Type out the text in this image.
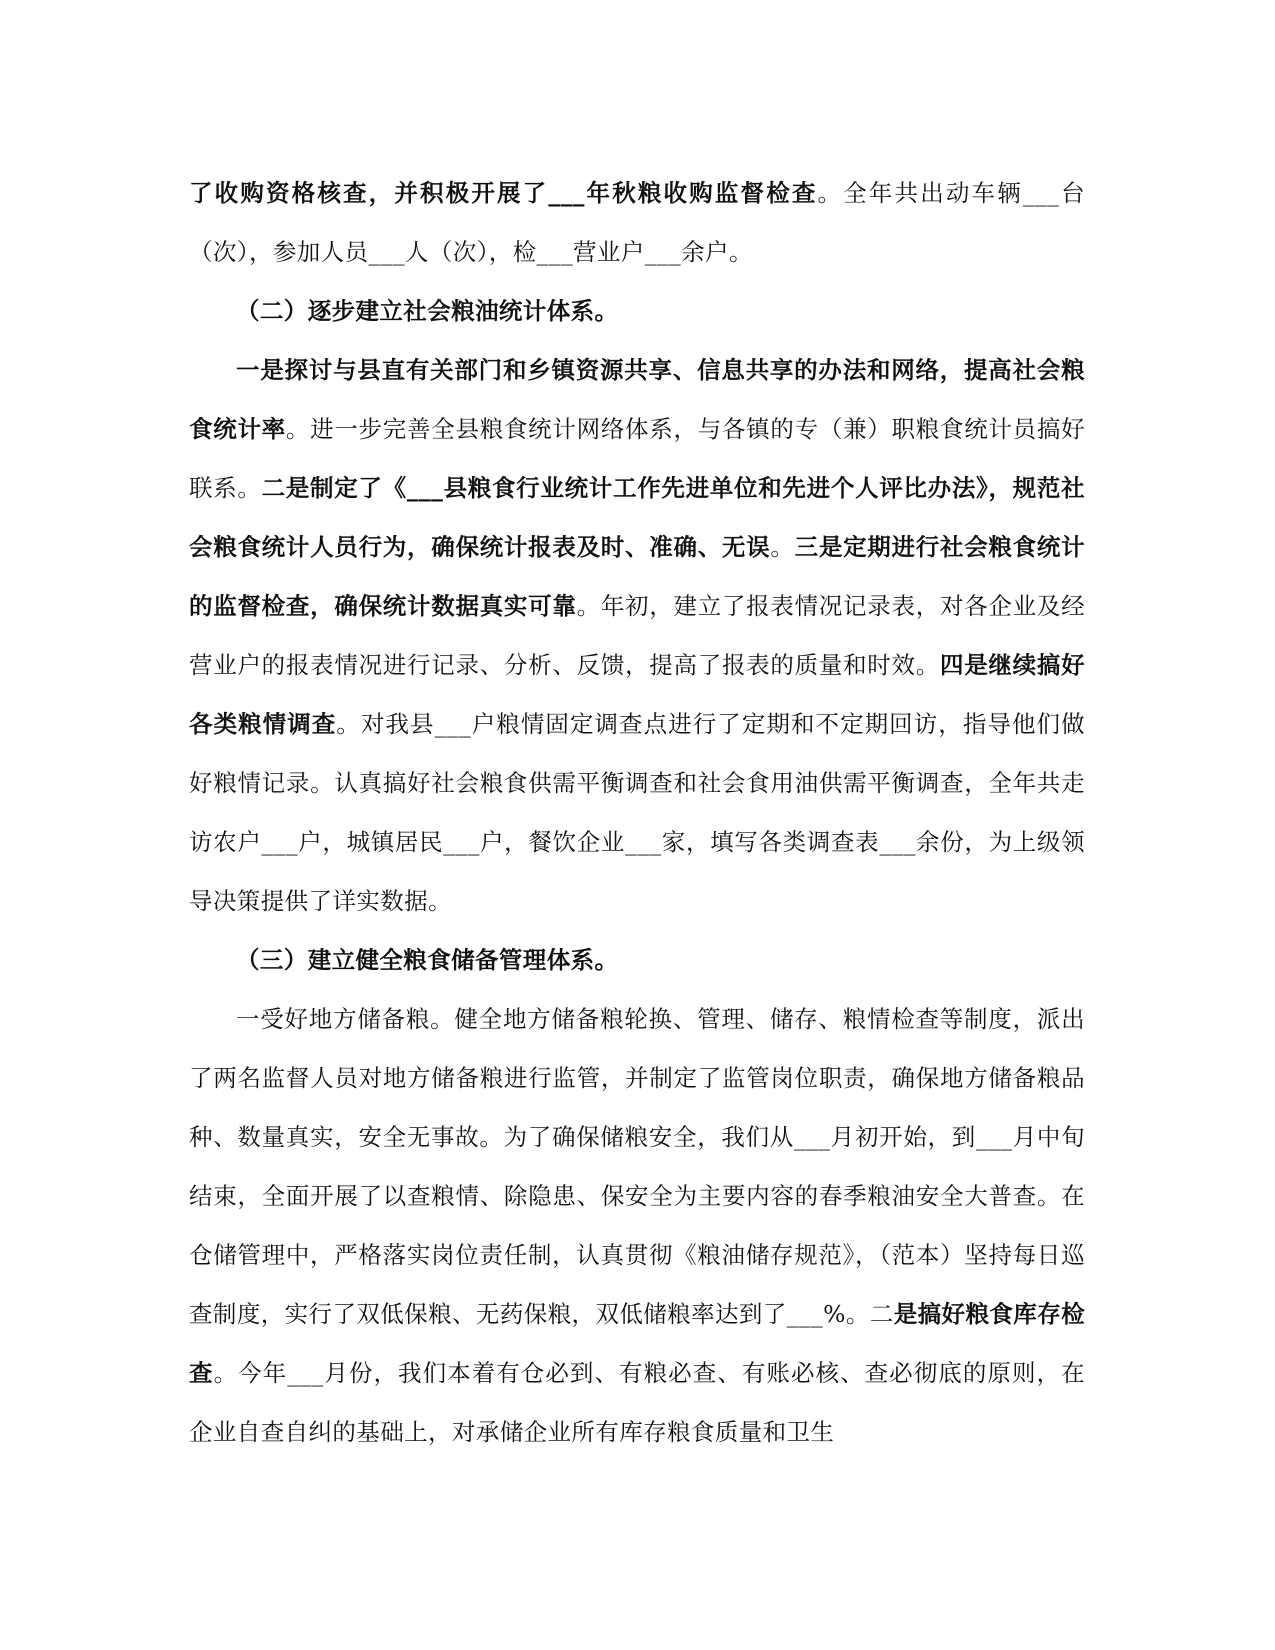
了收购资格核查，并积极开展了___年秋粮收购监督检查。全年共出动车辆___台（次），参加人员___人（次），检___营业户___余户。

（二）逐步建立社会粮油统计体系。

一是探讨与县直有关部门和乡镇资源共享、信息共享的办法和网络，提高社会粮食统计率。进一步完善全县粮食统计网络体系，与各镇的专（兼）职粮食统计员搞好联系。二是制定了《___县粮食行业统计工作先进单位和先进个人评比办法》，规范社会粮食统计人员行为，确保统计报表及时、准确、无误。三是定期进行社会粮食统计的监督检查，确保统计数据真实可靠。年初，建立了报表情况记录表，对各企业及经营业户的报表情况进行记录、分析、反馈，提高了报表的质量和时效。四是继续搞好各类粮情调查。对我县___户粮情固定调查点进行了定期和不定期回访，指导他们做好粮情记录。认真搞好社会粮食供需平衡调查和社会食用油供需平衡调查，全年共走访农户___户，城镇居民___户，餐饮企业___家，填写各类调查表___余份，为上级领导决策提供了详实数据。

（三）建立健全粮食储备管理体系。

一受好地方储备粮。健全地方储备粮轮换、管理、储存、粮情检查等制度，派出了两名监督人员对地方储备粮进行监管，并制定了监管岗位职责，确保地方储备粮品种、数量真实，安全无事故。为了确保储粮安全，我们从___月初开始，到___月中旬结束，全面开展了以查粮情、除隐患、保安全为主要内容的春季粮油安全大普查。在仓储管理中，严格落实岗位责任制，认真贯彻《粮油储存规范》，（范本）坚持每日巡查制度，实行了双低保粮、无药保粮，双低储粮率达到了___%。二是搞好粮食库存检查。今年___月份，我们本着有仓必到、有粮必查、有账必核、查必彻底的原则，在企业自查自纠的基础上，对承储企业所有库存粮食质量和卫生
